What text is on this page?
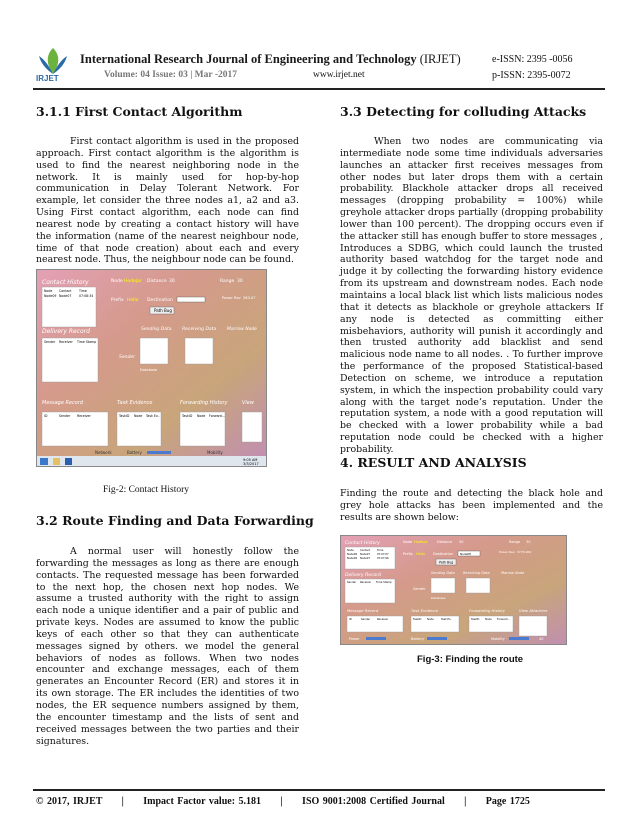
IRJET
International Research Journal of Engineering and Technology (IRJET)	e-ISSN: 2395 -0056
Volume: 04 Issue: 03 | Mar -2017	www.irjet.net	p-ISSN: 2395-0072
3.1.1 First Contact Algorithm

First contact algorithm is used in the proposed approach. First contact algorithm is the algorithm is used to find the nearest neighboring node in the network. It is mainly used for hop-by-hop communication in Delay Tolerant Network. For example, let consider the three nodes a1, a2 and a3. Using First contact algorithm, each node can find nearest node by creating a contact history will have the information (name of the nearest neighbour node, time of that node creation) about each and every nearest node. Thus, the neighbour node can be found.

Contact History	Node Hodejar Distance 30	Range 30
Node Contact	Time
Node09 Node07 07:08:34
Prefix Hello Destination	Power Rev 283.07
Path Bug
Delivery Record	Sending Data Receiving Data Marrow Node
Sender Receiver	Time Stamp
Sender
Database
Message Record	Task Evidence	Forwarding History	View
ID	Sender Receiver	TaskID Node	Task Ev..	TaskID Node Forward...
Network	Battery	Mobility
9:05 AM
3/3/2017
Fig-2: Contact History
3.2 Route Finding and Data Forwarding

A normal user will honestly follow the forwarding the messages as long as there are enough contacts. The requested message has been forwarded to the next hop, the chosen next hop nodes. We assume a trusted authority with the right to assign each node a unique identifier and a pair of public and private keys. Nodes are assumed to know the public keys of each other so that they can authenticate messages signed by others. we model the general behaviors of nodes as follows. When two nodes encounter and exchange messages, each of them generates an Encounter Record (ER) and stores it in its own storage. The ER includes the identities of two nodes, the ER sequence numbers assigned by them, the encounter timestamp and the lists of sent and received messages between the two parties and their signatures.

3.3 Detecting for colluding Attacks

When two nodes are communicating via intermediate node some time individuals adversaries launches an attacker first receives messages from other nodes but later drops them with a certain probability. Blackhole attacker drops all received messages (dropping probability = 100%) while greyhole attacker drops partially (dropping probability lower than 100 percent). The dropping occurs even if the attacker still has enough buffer to store messages , Introduces a SDBG, which could launch the trusted authority based watchdog for the target node and judge it by collecting the forwarding history evidence from its upstream and downstream nodes. Each node maintains a local black list which lists malicious nodes that it detects as blackhole or greyhole attackers If any node is detected as committing either misbehaviors, authority will punish it accordingly and then trusted authority add blacklist and send malicious node name to all nodes. . To further improve the performance of the proposed Statistical-based Detection on scheme, we introduce a reputation system, in which the inspection probability could vary along with the target node’s reputation. Under the reputation system, a node with a good reputation will be checked with a lower probability while a bad reputation node could be checked with a higher probability.

4. RESULT AND ANALYSIS

Finding the route and detecting the black hole and grey hole attacks has been implemented and the results are shown below:

Contact History	Node Hodeya	Distance 30	Range 30
Node Contact	Time
Node09 Node07	07:07:07
Node09 Node07	07:07:06
Prefix Hello Destination Node08	Power Rev 3776.000
Path Bug
Delivery Record	Sending Data Receiving Data	Marrow Node
Sender	Receiver	Time Stamp
Sender
Database
Message Record	Task Evidence	Forwarding History	View Attackers
ID	Sender	Receiver	TaskID Node	Task Ev..	TaskID Node Forward...
Power	Battery	Mobility	40
Fig-3: Finding the route
© 2017, IRJET | Impact Factor value: 5.181 | ISO 9001:2008 Certified Journal | Page 1725
